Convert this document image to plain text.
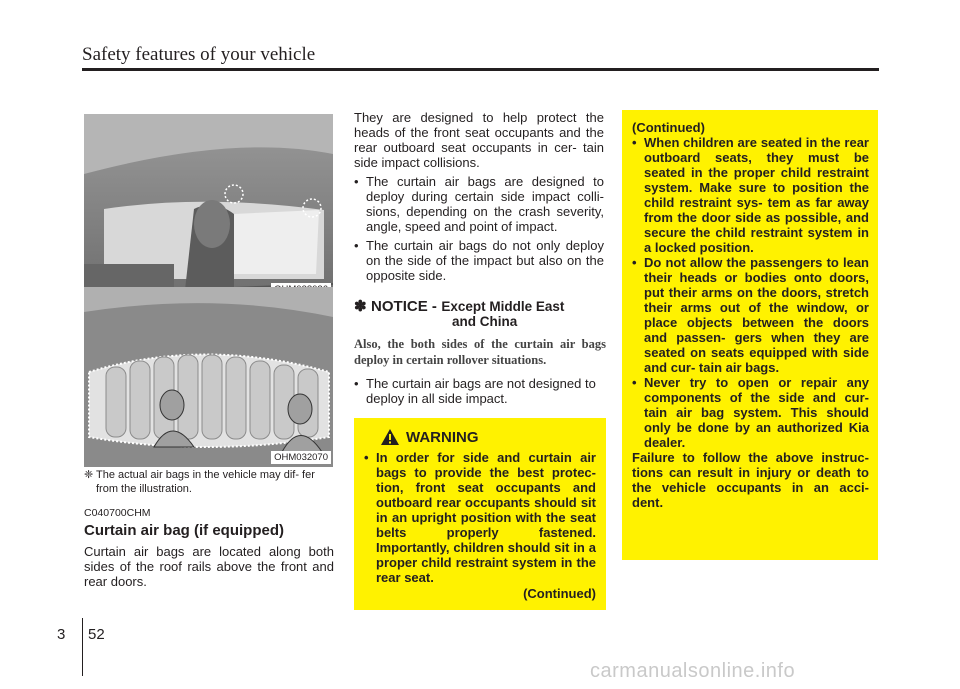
Safety features of your vehicle
OHM032070
❈ The actual air bags in the vehicle may dif- fer from the illustration.
C040700CHM
Curtain air bag (if equipped)
Curtain air bags are located along both sides of the roof rails above the front and rear doors.

They are designed to help protect the heads of the front seat occupants and the rear outboard seat occupants in cer- tain side impact collisions.

• The curtain air bags are designed to deploy during certain side impact colli- sions, depending on the crash severity, angle, speed and point of impact.
• The curtain air bags do not only deploy on the side of the impact but also on the opposite side.
✽ NOTICE - Except Middle East
and China
Also, the both sides of the curtain air bags deploy in certain rollover situations.
• The curtain air bags are not designed to deploy in all side impact.
WARNING
• In order for side and curtain air bags to provide the best protec- tion, front seat occupants and outboard rear occupants should sit in an upright position with the seat belts properly fastened. Importantly, children should sit in a proper child restraint system in the rear seat.
(Continued)

(Continued)

• When children are seated in the rear outboard seats, they must be seated in the proper child restraint system. Make sure to position the child restraint sys- tem as far away from the door side as possible, and secure the child restraint system in a locked position.
• Do not allow the passengers to lean their heads or bodies onto doors, put their arms on the doors, stretch their arms out of the window, or place objects between the doors and passen- gers when they are seated on seats equipped with side and cur- tain air bags.
• Never try to open or repair any components of the side and cur- tain air bag system. This should only be done by an authorized Kia dealer.

Failure to follow the above instruc- tions can result in injury or death to the vehicle occupants in an acci- dent.

3 52
carmanualsonline.info
